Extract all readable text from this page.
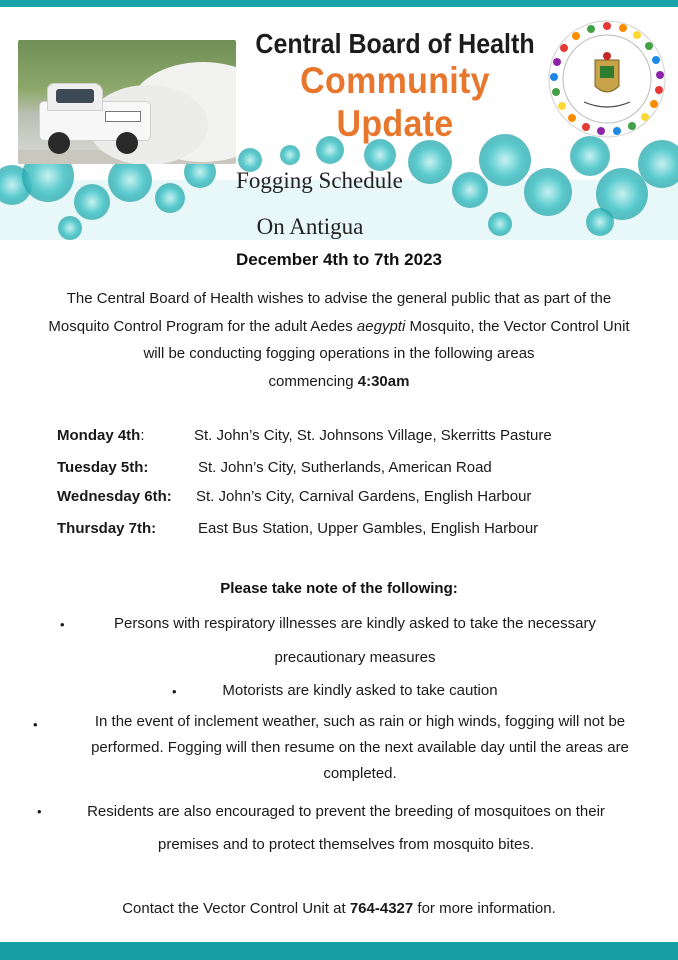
Central Board of Health
Community Update
Fogging Schedule
On Antigua
December 4th to 7th 2023
The Central Board of Health wishes to advise the general public that as part of the
Mosquito Control Program for the adult Aedes aegypti Mosquito, the Vector Control Unit
will be conducting fogging operations in the following areas
commencing 4:30am
Monday 4th:	St. John’s City, St. Johnsons Village, Skerritts Pasture
Tuesday 5th:	St. John’s City, Sutherlands, American Road
Wednesday 6th: St. John’s City, Carnival Gardens, English Harbour
Thursday 7th:	East Bus Station, Upper Gambles, English Harbour
Please take note of the following:
•	Persons with respiratory illnesses are kindly asked to take the necessary
precautionary measures
•	Motorists are kindly asked to take caution
•	In the event of inclement weather, such as rain or high winds, fogging will not be
performed. Fogging will then resume on the next available day until the areas are
completed.
•	Residents are also encouraged to prevent the breeding of mosquitoes on their
premises and to protect themselves from mosquito bites.
Contact the Vector Control Unit at 764-4327 for more information.
